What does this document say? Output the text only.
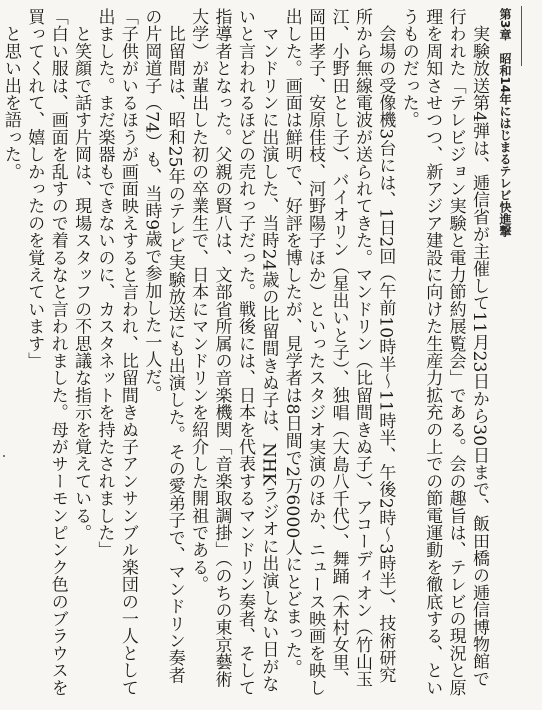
第3章　昭和14年にはじまるテレビ快進撃

　実験放送第4弾は、逓信省が主催して11月23日から30日まで、飯田橋の逓信博物館で行われた「テレビジョン実験と電力節約展覧会」である。会の趣旨は、テレビの現況と原理を周知させつつ、新アジア建設に向けた生産力拡充の上での節電運動を徹底する、というものだった。

　会場の受像機3台には、1日2回（午前10時半〜11時半、午後2時〜3時半）、技術研究所から無線電波が送られてきた。マンドリン（比留間きぬ子）、アコーディオン（竹山玉江、小野田とし子）、バイオリン（星出いと子）、独唱（大島八千代）、舞踊（木村女里、岡田孝子、安原佳枝、河野陽子ほか）といったスタジオ実演のほか、ニュース映画を映し出した。画面は鮮明で、好評を博したが、見学者は8日間で2万6000人にとどまった。

　マンドリンに出演した、当時24歳の比留間きぬ子は、NHKラジオに出演しない日がないと言われるほどの売れっ子だった。戦後には、日本を代表するマンドリン奏者、そして指導者となった。父親の賢八は、文部省所属の音楽機関「音楽取調掛」（のちの東京藝術大学）が輩出した初の卒業生で、日本にマンドリンを紹介した開祖である。

　比留間は、昭和25年のテレビ実験放送にも出演した。その愛弟子で、マンドリン奏者の片岡道子（74）も、当時9歳で参加した一人だ。

「子供がいるほうが画面映えすると言われ、比留間きぬ子アンサンブル楽団の一人として出ました。まだ楽器もできないのに、カスタネットを持たされました」

　と笑顔で話す片岡は、現場スタッフの不思議な指示を覚えている。

「白い服は、画面を乱すので着るなと言われました。母がサーモンピンク色のブラウスを買ってくれて、嬉しかったのを覚えています」

　と思い出を語った。
